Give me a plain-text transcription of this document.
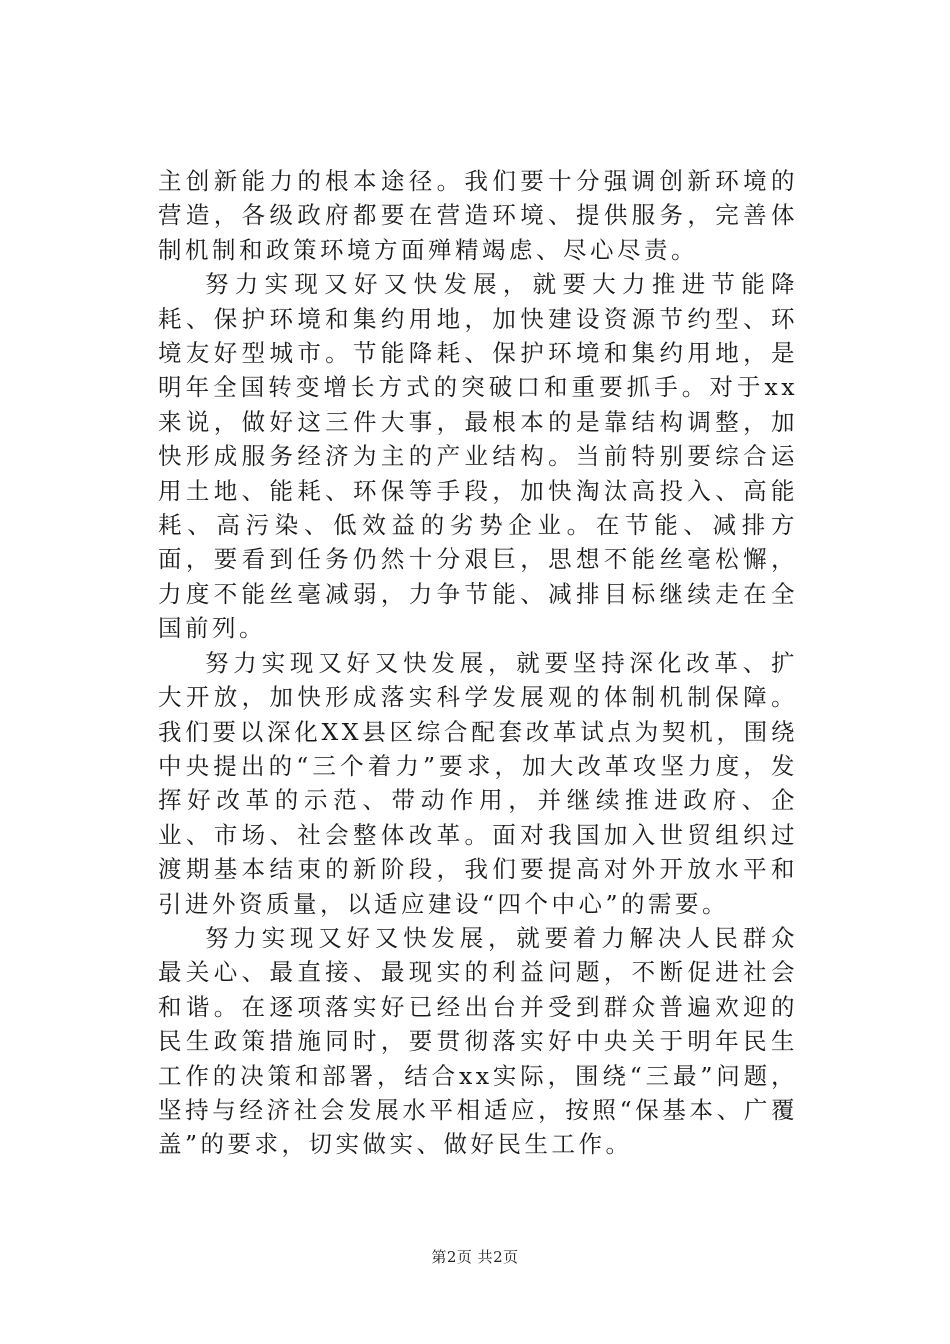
主创新能力的根本途径。我们要十分强调创新环境的营造，各级政府都要在营造环境、提供服务，完善体制机制和政策环境方面殚精竭虑、尽心尽责。

努力实现又好又快发展，就要大力推进节能降耗、保护环境和集约用地，加快建设资源节约型、环境友好型城市。节能降耗、保护环境和集约用地，是明年全国转变增长方式的突破口和重要抓手。对于xx来说，做好这三件大事，最根本的是靠结构调整，加快形成服务经济为主的产业结构。当前特别要综合运用土地、能耗、环保等手段，加快淘汰高投入、高能耗、高污染、低效益的劣势企业。在节能、减排方面，要看到任务仍然十分艰巨，思想不能丝毫松懈，力度不能丝毫减弱，力争节能、减排目标继续走在全国前列。

努力实现又好又快发展，就要坚持深化改革、扩大开放，加快形成落实科学发展观的体制机制保障。我们要以深化XX县区综合配套改革试点为契机，围绕中央提出的“三个着力”要求，加大改革攻坚力度，发挥好改革的示范、带动作用，并继续推进政府、企业、市场、社会整体改革。面对我国加入世贸组织过渡期基本结束的新阶段，我们要提高对外开放水平和引进外资质量，以适应建设“四个中心”的需要。

努力实现又好又快发展，就要着力解决人民群众最关心、最直接、最现实的利益问题，不断促进社会和谐。在逐项落实好已经出台并受到群众普遍欢迎的民生政策措施同时，要贯彻落实好中央关于明年民生工作的决策和部署，结合xx实际，围绕“三最”问题，坚持与经济社会发展水平相适应，按照“保基本、广覆盖”的要求，切实做实、做好民生工作。

第2页 共2页
